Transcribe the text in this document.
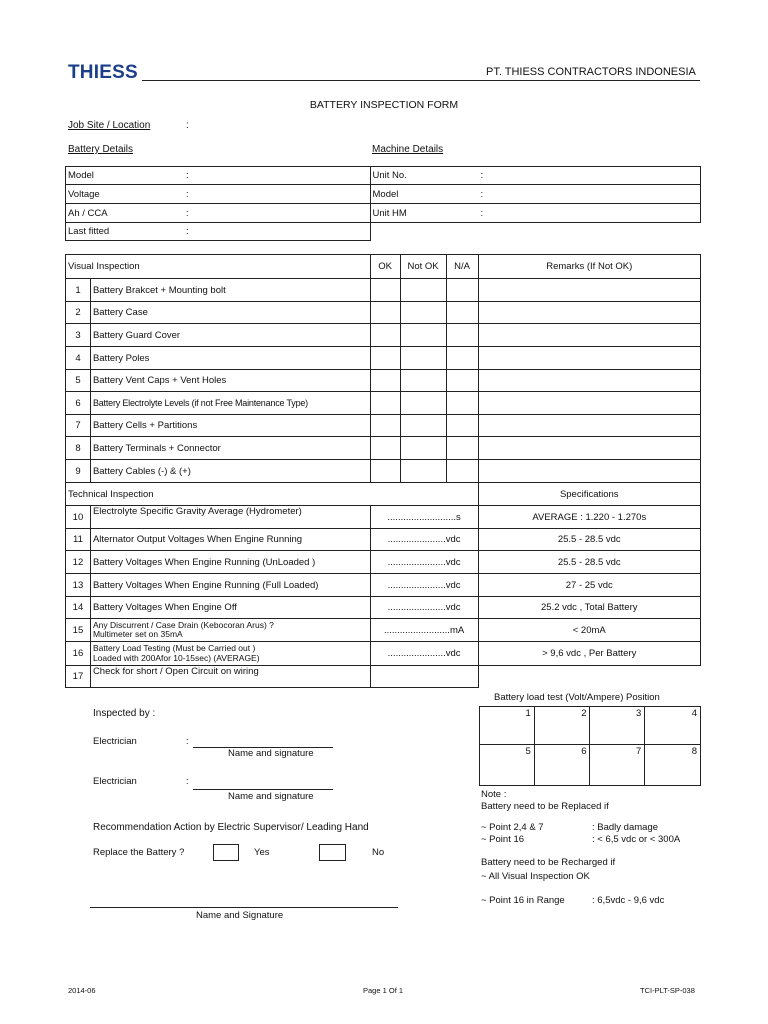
THIESS	PT. THIESS CONTRACTORS INDONESIA
BATTERY INSPECTION FORM
Job Site / Location	:
Battery Details	Machine Details
Model :	Unit No. :

Voltage :	Model :

Ah / CCA :	Unit HM :

Last fitted :	

Visual Inspection		OK	Not OK	N/A	Remarks (If Not OK)
1	Battery Brakcet + Mounting bolt				
2	Battery Case				
3	Battery Guard Cover				
4	Battery Poles				
5	Battery Vent Caps + Vent Holes				
6	Battery Electrolyte Levels (if not Free Maintenance Type)				
7	Battery Cells + Partitions				
8	Battery Terminals + Connector				
9	Battery Cables (-) & (+)				
Technical Inspection					Specifications
10	Electrolyte Specific Gravity Average (Hydrometer)	..........................s			AVERAGE : 1.220 - 1.270s
11	Alternator Output Voltages When Engine Running	......................vdc			25.5 - 28.5 vdc
12	Battery Voltages When Engine Running (UnLoaded )	......................vdc			25.5 - 28.5 vdc
13	Battery Voltages When Engine Running (Full Loaded)	......................vdc			27 - 25 vdc
14	Battery Voltages When Engine Off	......................vdc			25.2 vdc , Total Battery
15	Any Discurrent / Case Drain (Kebocoran Arus) ?
Multimeter set on 35mA	.........................mA			< 20mA
16	Battery Load Testing (Must be Carried out )
Loaded with 200Afor 10-15sec) (AVERAGE)	......................vdc			> 9,6 vdc , Per Battery
17	Check for short / Open Circuit on wiring				
Battery load test (Volt/Ampere) Position
1	2	3	4
5	6	7	8
Inspected by :
Electrician	:
Name and signature
Electrician	:
Name and signature
Recommendation Action by Electric Supervisor/ Leading Hand
Replace the Battery ?	Yes	No
Name and Signature
Note :
Battery need to be Replaced if
~ Point 2,4 & 7	: Badly damage
~ Point 16	: < 6,5 vdc or < 300A
Battery need to be Recharged if
~ All Visual Inspection OK
~ Point 16 in Range	: 6,5vdc - 9,6 vdc
2014-06	Page 1 Of 1	TCI-PLT-SP-038
